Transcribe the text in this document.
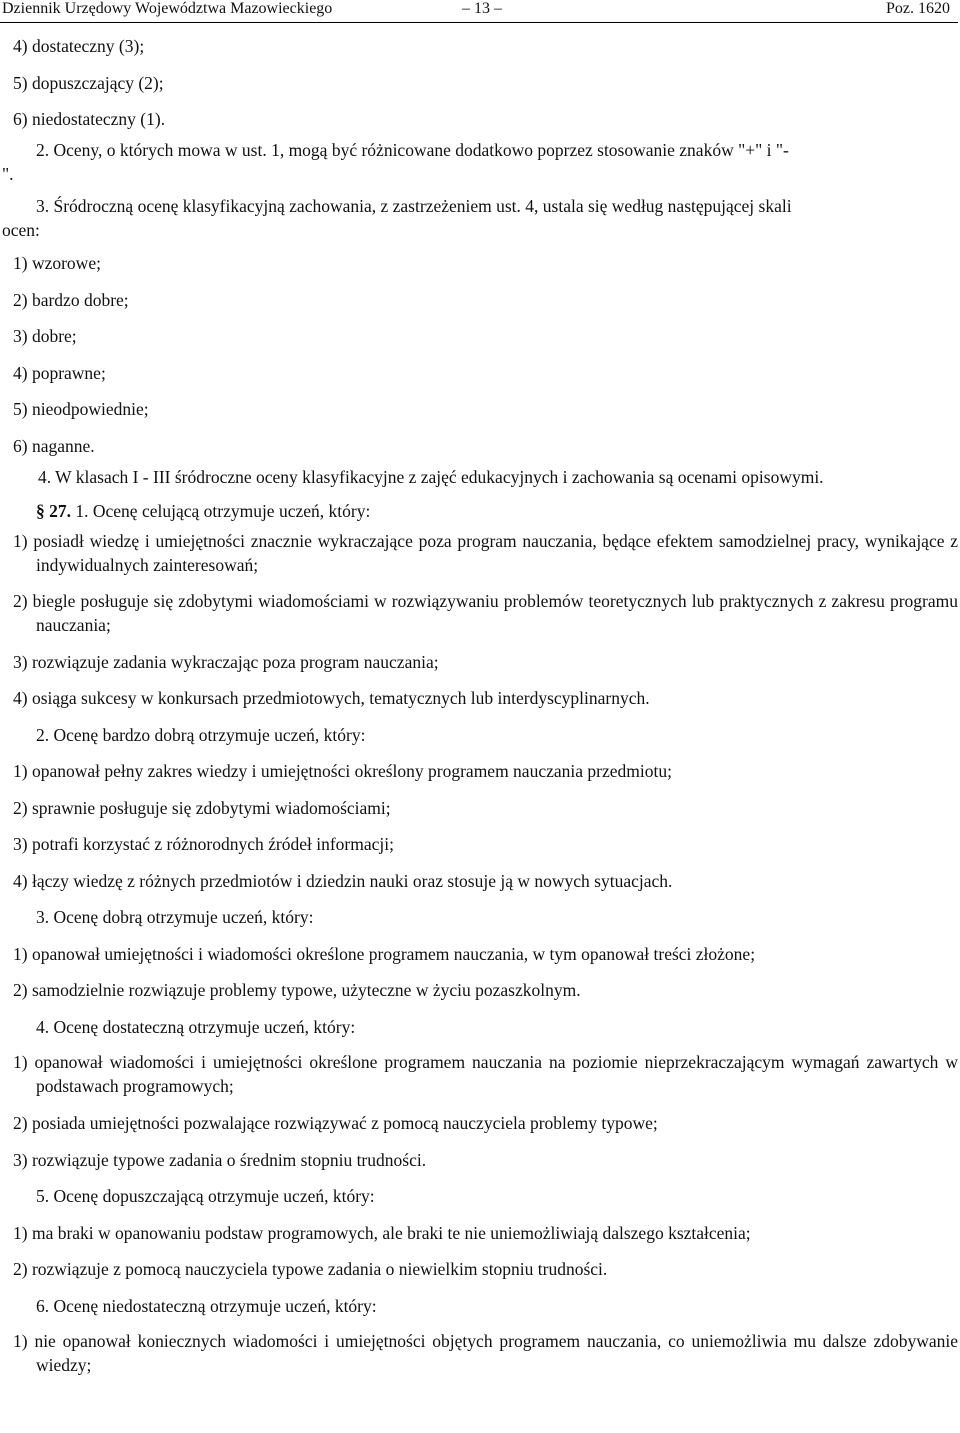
Dziennik Urzędowy Województwa Mazowieckiego	– 13 –	Poz. 1620
4) dostateczny (3);
5) dopuszczający (2);
6) niedostateczny (1).
2. Oceny, o których mowa w ust. 1, mogą być różnicowane dodatkowo poprzez stosowanie znaków "+" i "-
".
3. Śródroczną ocenę klasyfikacyjną zachowania, z zastrzeżeniem ust. 4, ustala się według następującej skali
ocen:
1) wzorowe;
2) bardzo dobre;
3) dobre;
4) poprawne;
5) nieodpowiednie;
6) naganne.
4. W klasach I - III śródroczne oceny klasyfikacyjne z zajęć edukacyjnych i zachowania są ocenami opisowymi.
§ 27. 1. Ocenę celującą otrzymuje uczeń, który:
1) posiadł wiedzę i umiejętności znacznie wykraczające poza program nauczania, będące efektem samodzielnej pracy, wynikające z indywidualnych zainteresowań;
2) biegle posługuje się zdobytymi wiadomościami w rozwiązywaniu problemów teoretycznych lub praktycznych z zakresu programu nauczania;
3) rozwiązuje zadania wykraczając poza program nauczania;
4) osiąga sukcesy w konkursach przedmiotowych, tematycznych lub interdyscyplinarnych.
2. Ocenę bardzo dobrą otrzymuje uczeń, który:
1) opanował pełny zakres wiedzy i umiejętności określony programem nauczania przedmiotu;
2) sprawnie posługuje się zdobytymi wiadomościami;
3) potrafi korzystać z różnorodnych źródeł informacji;
4) łączy wiedzę z różnych przedmiotów i dziedzin nauki oraz stosuje ją w nowych sytuacjach.
3. Ocenę dobrą otrzymuje uczeń, który:
1) opanował umiejętności i wiadomości określone programem nauczania, w tym opanował treści złożone;
2) samodzielnie rozwiązuje problemy typowe, użyteczne w życiu pozaszkolnym.
4. Ocenę dostateczną otrzymuje uczeń, który:
1) opanował wiadomości i umiejętności określone programem nauczania na poziomie nieprzekraczającym wymagań zawartych w podstawach programowych;
2) posiada umiejętności pozwalające rozwiązywać z pomocą nauczyciela problemy typowe;
3) rozwiązuje typowe zadania o średnim stopniu trudności.
5. Ocenę dopuszczającą otrzymuje uczeń, który:
1) ma braki w opanowaniu podstaw programowych, ale braki te nie uniemożliwiają dalszego kształcenia;
2) rozwiązuje z pomocą nauczyciela typowe zadania o niewielkim stopniu trudności.
6. Ocenę niedostateczną otrzymuje uczeń, który:
1) nie opanował koniecznych wiadomości i umiejętności objętych programem nauczania, co uniemożliwia mu dalsze zdobywanie wiedzy;
